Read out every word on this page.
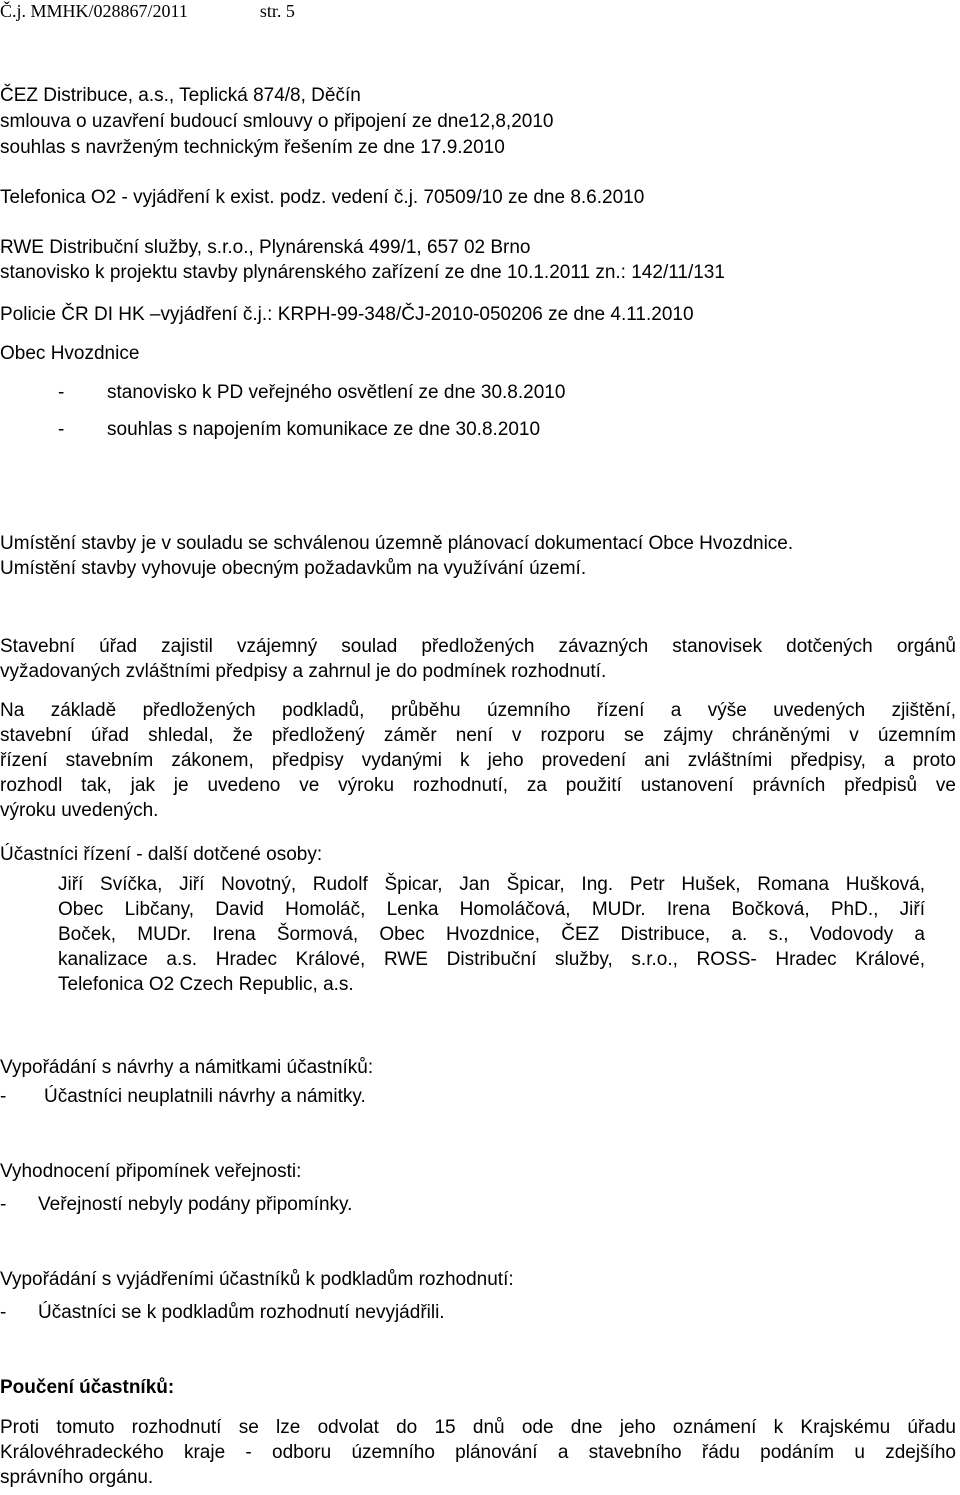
Č.j. MMHK/028867/2011	str. 5
ČEZ Distribuce, a.s., Teplická 874/8, Děčín
smlouva o uzavření budoucí smlouvy o připojení ze dne12,8,2010
souhlas s navrženým technickým řešením ze dne 17.9.2010
Telefonica O2 - vyjádření k exist. podz. vedení č.j. 70509/10 ze dne 8.6.2010
RWE Distribuční služby, s.r.o., Plynárenská 499/1, 657 02 Brno
stanovisko k projektu stavby plynárenského zařízení ze dne 10.1.2011 zn.: 142/11/131
Policie ČR DI HK –vyjádření č.j.: KRPH-99-348/ČJ-2010-050206 ze dne 4.11.2010
Obec Hvozdnice
- stanovisko k PD veřejného osvětlení ze dne 30.8.2010
- souhlas s napojením komunikace ze dne 30.8.2010
Umístění stavby je v souladu se schválenou územně plánovací dokumentací Obce Hvozdnice.
Umístění stavby vyhovuje obecným požadavkům na využívání území.
Stavební úřad zajistil vzájemný soulad předložených závazných stanovisek dotčených orgánů
vyžadovaných zvláštními předpisy a zahrnul je do podmínek rozhodnutí.
Na základě předložených podkladů, průběhu územního řízení a výše uvedených zjištění,
stavební úřad shledal, že předložený záměr není v rozporu se zájmy chráněnými v územním
řízení stavebním zákonem, předpisy vydanými k jeho provedení ani zvláštními předpisy, a proto
rozhodl tak, jak je uvedeno ve výroku rozhodnutí, za použití ustanovení právních předpisů ve
výroku uvedených.
Účastníci řízení - další dotčené osoby:
Jiří Svíčka, Jiří Novotný, Rudolf Špicar, Jan Špicar, Ing. Petr Hušek, Romana Hušková,
Obec Libčany, David Homoláč, Lenka Homoláčová, MUDr. Irena Bočková, PhD., Jiří
Boček, MUDr. Irena Šormová, Obec Hvozdnice, ČEZ Distribuce, a. s., Vodovody a
kanalizace a.s. Hradec Králové, RWE Distribuční služby, s.r.o., ROSS- Hradec Králové,
Telefonica O2 Czech Republic, a.s.
Vypořádání s návrhy a námitkami účastníků:
- Účastníci neuplatnili návrhy a námitky.
Vyhodnocení připomínek veřejnosti:
- Veřejností nebyly podány připomínky.
Vypořádání s vyjádřeními účastníků k podkladům rozhodnutí:
- Účastníci se k podkladům rozhodnutí nevyjádřili.
Poučení účastníků:
Proti tomuto rozhodnutí se lze odvolat do 15 dnů ode dne jeho oznámení k Krajskému úřadu
Královéhradeckého kraje - odboru územního plánování a stavebního řádu podáním u zdejšího
správního orgánu.
